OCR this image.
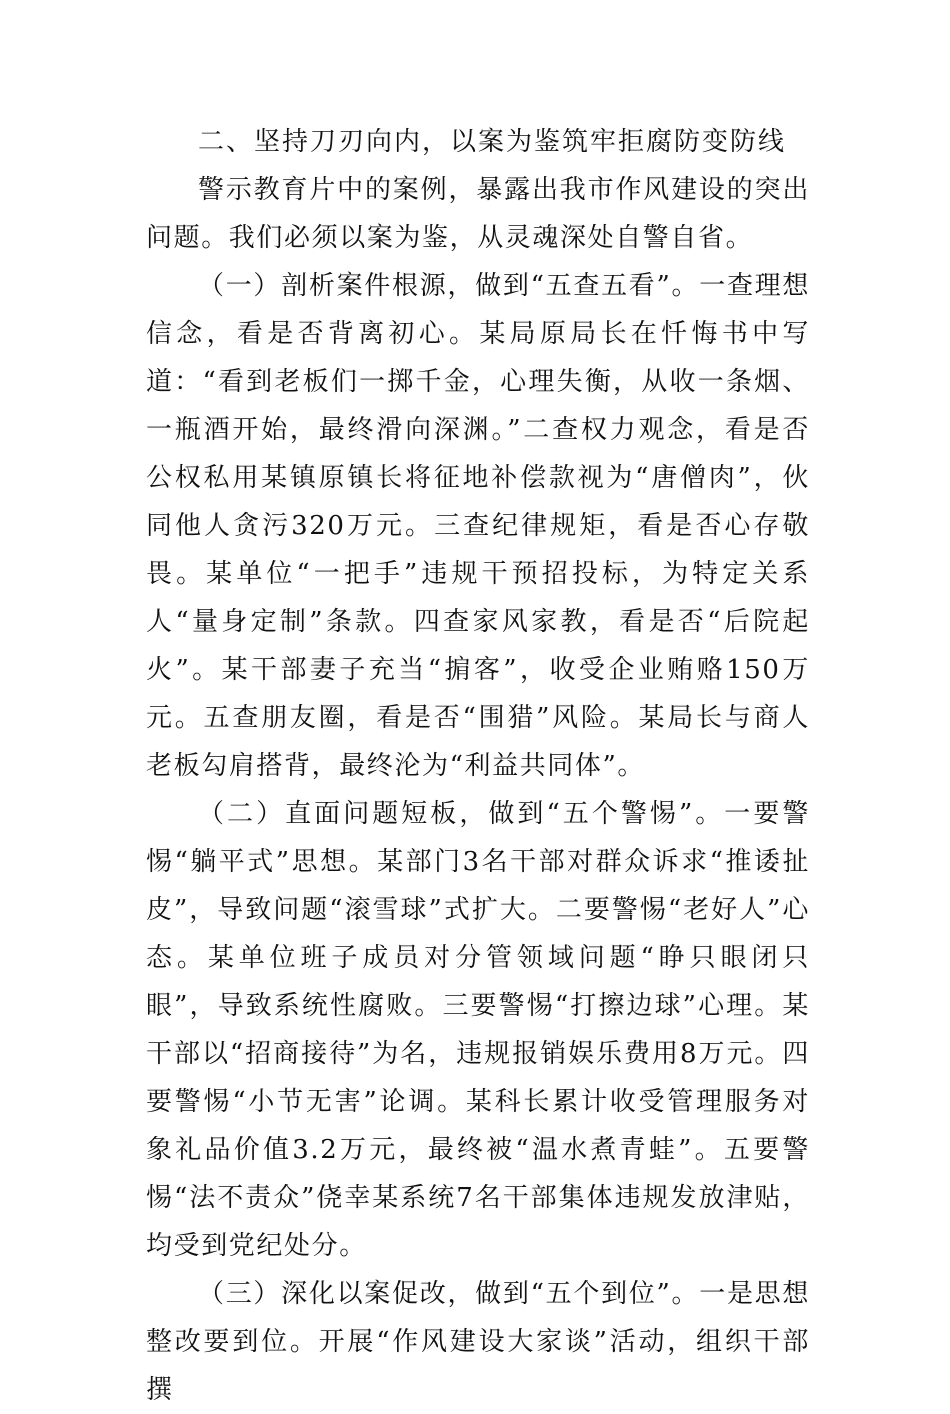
二、坚持刀刃向内，以案为鉴筑牢拒腐防变防线

警示教育片中的案例，暴露出我市作风建设的突出问题。我们必须以案为鉴，从灵魂深处自警自省。

（一）剖析案件根源，做到“五查五看”。一查理想信念，看是否背离初心。某局原局长在忏悔书中写道：“看到老板们一掷千金，心理失衡，从收一条烟、一瓶酒开始，最终滑向深渊。”二查权力观念，看是否公权私用某镇原镇长将征地补偿款视为“唐僧肉”，伙同他人贪污320万元。三查纪律规矩，看是否心存敬畏。某单位“一把手”违规干预招投标，为特定关系人“量身定制”条款。四查家风家教，看是否“后院起火”。某干部妻子充当“掮客”，收受企业贿赂150万元。五查朋友圈，看是否“围猎”风险。某局长与商人老板勾肩搭背，最终沦为“利益共同体”。

（二）直面问题短板，做到“五个警惕”。一要警惕“躺平式”思想。某部门3名干部对群众诉求“推诿扯皮”，导致问题“滚雪球”式扩大。二要警惕“老好人”心态。某单位班子成员对分管领域问题“睁只眼闭只眼”，导致系统性腐败。三要警惕“打擦边球”心理。某干部以“招商接待”为名，违规报销娱乐费用8万元。四要警惕“小节无害”论调。某科长累计收受管理服务对象礼品价值3.2万元，最终被“温水煮青蛙”。五要警惕“法不责众”侥幸某系统7名干部集体违规发放津贴，均受到党纪处分。

（三）深化以案促改，做到“五个到位”。一是思想整改要到位。开展“作风建设大家谈”活动，组织干部撰
